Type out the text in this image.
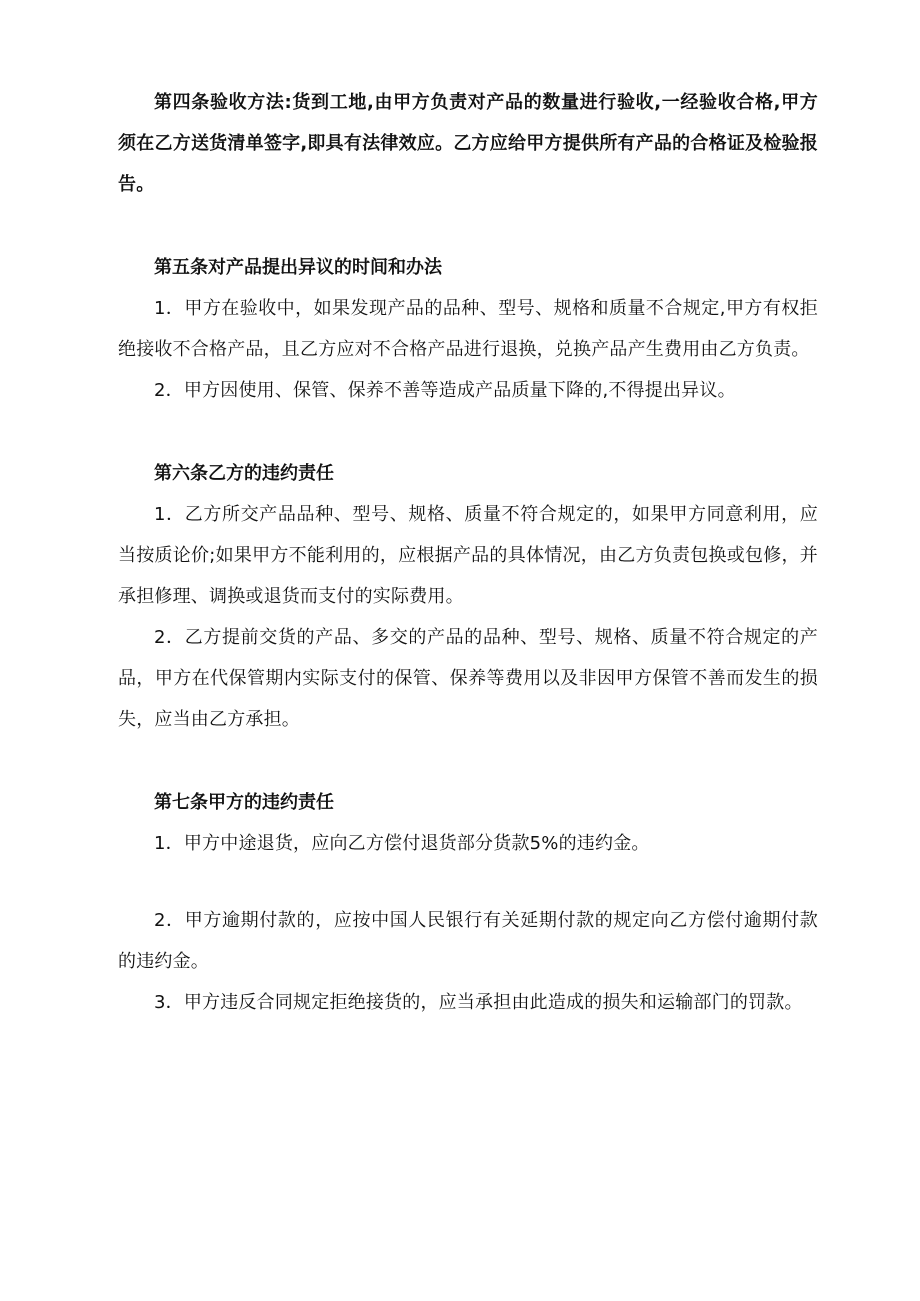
第四条验收方法:货到工地,由甲方负责对产品的数量进行验收,一经验收合格,甲方须在乙方送货清单签字,即具有法律效应。乙方应给甲方提供所有产品的合格证及检验报告。

第五条对产品提出异议的时间和办法

1．甲方在验收中，如果发现产品的品种、型号、规格和质量不合规定,甲方有权拒绝接收不合格产品，且乙方应对不合格产品进行退换，兑换产品产生费用由乙方负责。

2．甲方因使用、保管、保养不善等造成产品质量下降的,不得提出异议。

第六条乙方的违约责任

1．乙方所交产品品种、型号、规格、质量不符合规定的，如果甲方同意利用，应当按质论价;如果甲方不能利用的，应根据产品的具体情况，由乙方负责包换或包修，并承担修理、调换或退货而支付的实际费用。

2．乙方提前交货的产品、多交的产品的品种、型号、规格、质量不符合规定的产品，甲方在代保管期内实际支付的保管、保养等费用以及非因甲方保管不善而发生的损失，应当由乙方承担。

第七条甲方的违约责任

1．甲方中途退货，应向乙方偿付退货部分货款5%的违约金。

2．甲方逾期付款的，应按中国人民银行有关延期付款的规定向乙方偿付逾期付款的违约金。

3．甲方违反合同规定拒绝接货的，应当承担由此造成的损失和运输部门的罚款。
